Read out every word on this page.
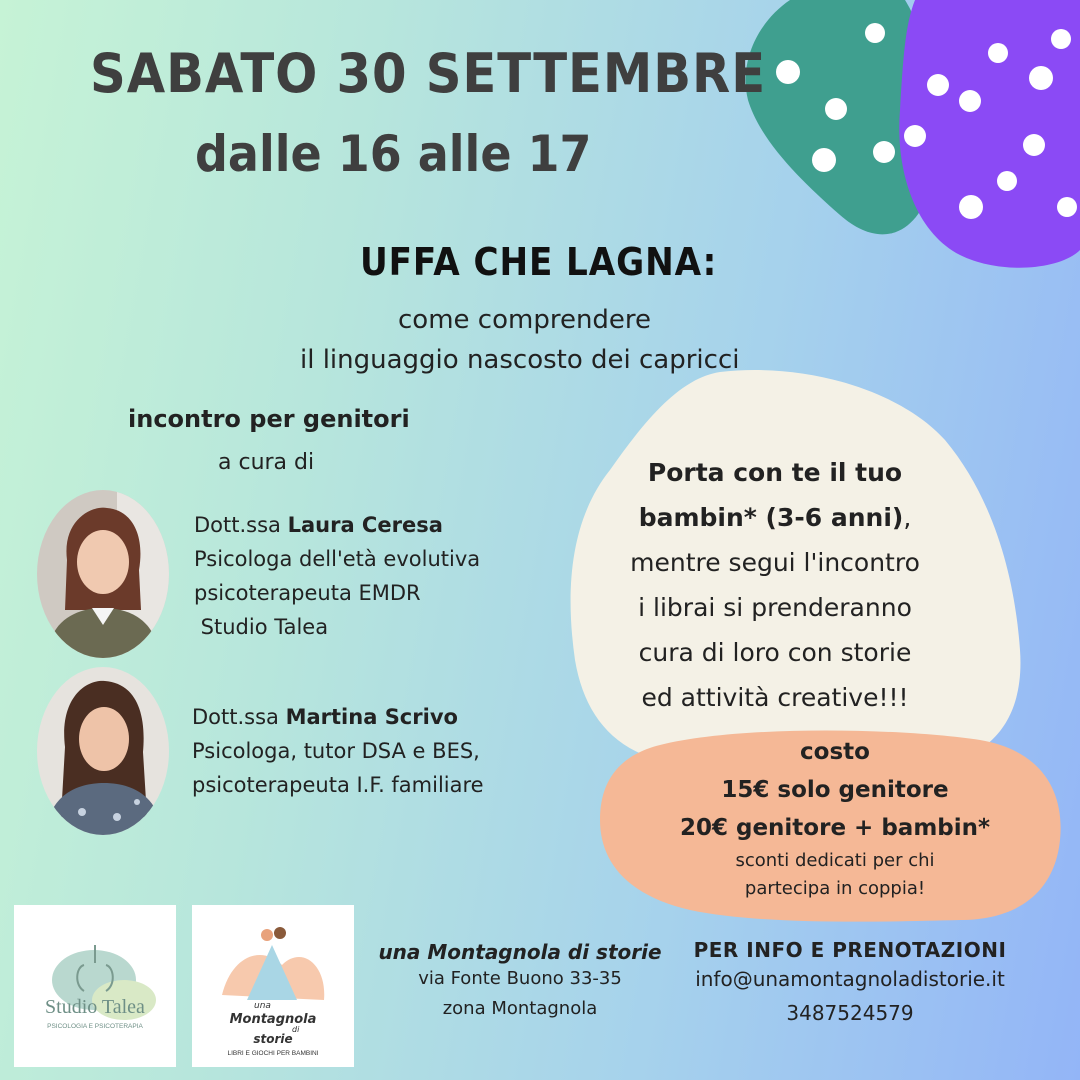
SABATO 30 SETTEMBRE
dalle 16 alle 17
UFFA CHE LAGNA:
come comprendere
il linguaggio nascosto dei capricci
incontro per genitori
a cura di
Dott.ssa Laura Ceresa
Psicologa dell'età evolutiva
psicoterapeuta EMDR
Studio Talea
Dott.ssa Martina Scrivo
Psicologa, tutor DSA e BES,
psicoterapeuta I.F. familiare
Porta con te il tuo
bambin* (3-6 anni),
mentre segui l'incontro
i librai si prenderanno
cura di loro con storie
ed attività creative!!!
costo
15€ solo genitore
20€ genitore + bambin*
sconti dedicati per chi
partecipa in coppia!
Studio Talea
PSICOLOGIA E PSICOTERAPIA
una
Montagnola
di
storie
LIBRI E GIOCHI PER BAMBINI
una Montagnola di storie
via Fonte Buono 33-35
zona Montagnola
PER INFO E PRENOTAZIONI
info@unamontagnoladistorie.it
3487524579
